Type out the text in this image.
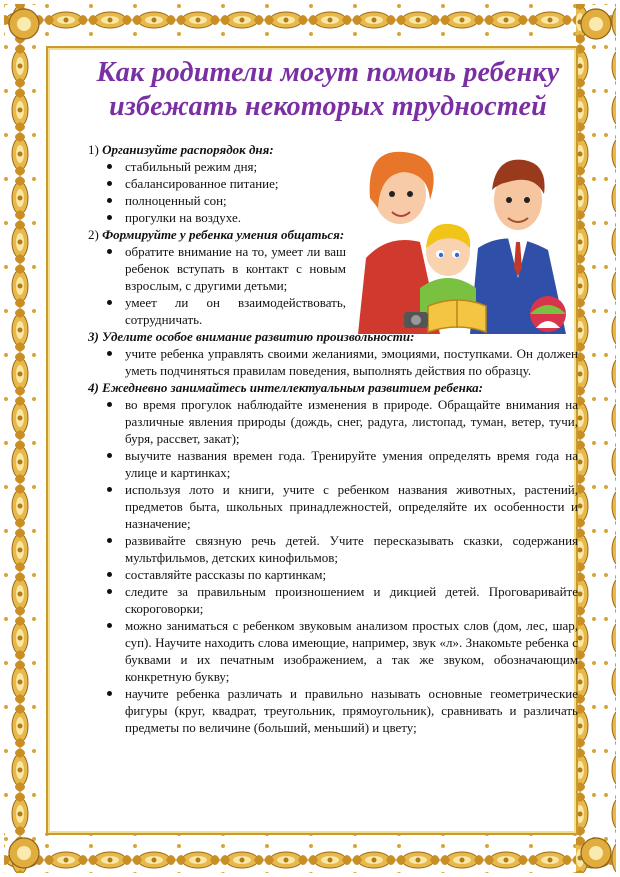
Как родители могут помочь ребенку избежать некоторых трудностей

1) Организуйте распорядок дня:

стабильный режим дня;
сбалансированное питание;
полноценный сон;
прогулки на воздухе.

2) Формируйте у ребенка умения общаться:

обратите внимание на то, умеет ли ваш ребенок вступать в контакт с новым взрослым, с другими детьми;
умеет ли он взаимодействовать, сотрудничать.

3) Уделите особое внимание развитию произвольности:

учите ребенка управлять своими желаниями, эмоциями, поступками. Он должен уметь подчиняться правилам поведения, выполнять действия по образцу.

4) Ежедневно занимайтесь интеллектуальным развитием ребенка:

во время прогулок наблюдайте изменения в природе. Обращайте внимания на различные явления природы (дождь, снег, радуга, листопад, туман, ветер, тучи, буря, рассвет, закат);
выучите названия времен года. Тренируйте умения определять время года на улице и картинках;
используя лото и книги, учите с ребенком названия животных, растений, предметов быта, школьных принадлежностей, определяйте их особенности и назначение;
развивайте связную речь детей. Учите пересказывать сказки, содержания мультфильмов, детских кинофильмов;
составляйте рассказы по картинкам;
следите за правильным произношением и дикцией детей. Проговаривайте скороговорки;
можно заниматься с ребенком звуковым анализом простых слов (дом, лес, шар, суп). Научите находить слова имеющие, например, звук «л». Знакомьте ребенка с буквами и их печатным изображением, а так же звуком, обозначающим конкретную букву;
научите ребенка различать и правильно называть основные геометрические фигуры (круг, квадрат, треугольник, прямоугольник), сравнивать и различать предметы по величине (больший, меньший) и цвету;
